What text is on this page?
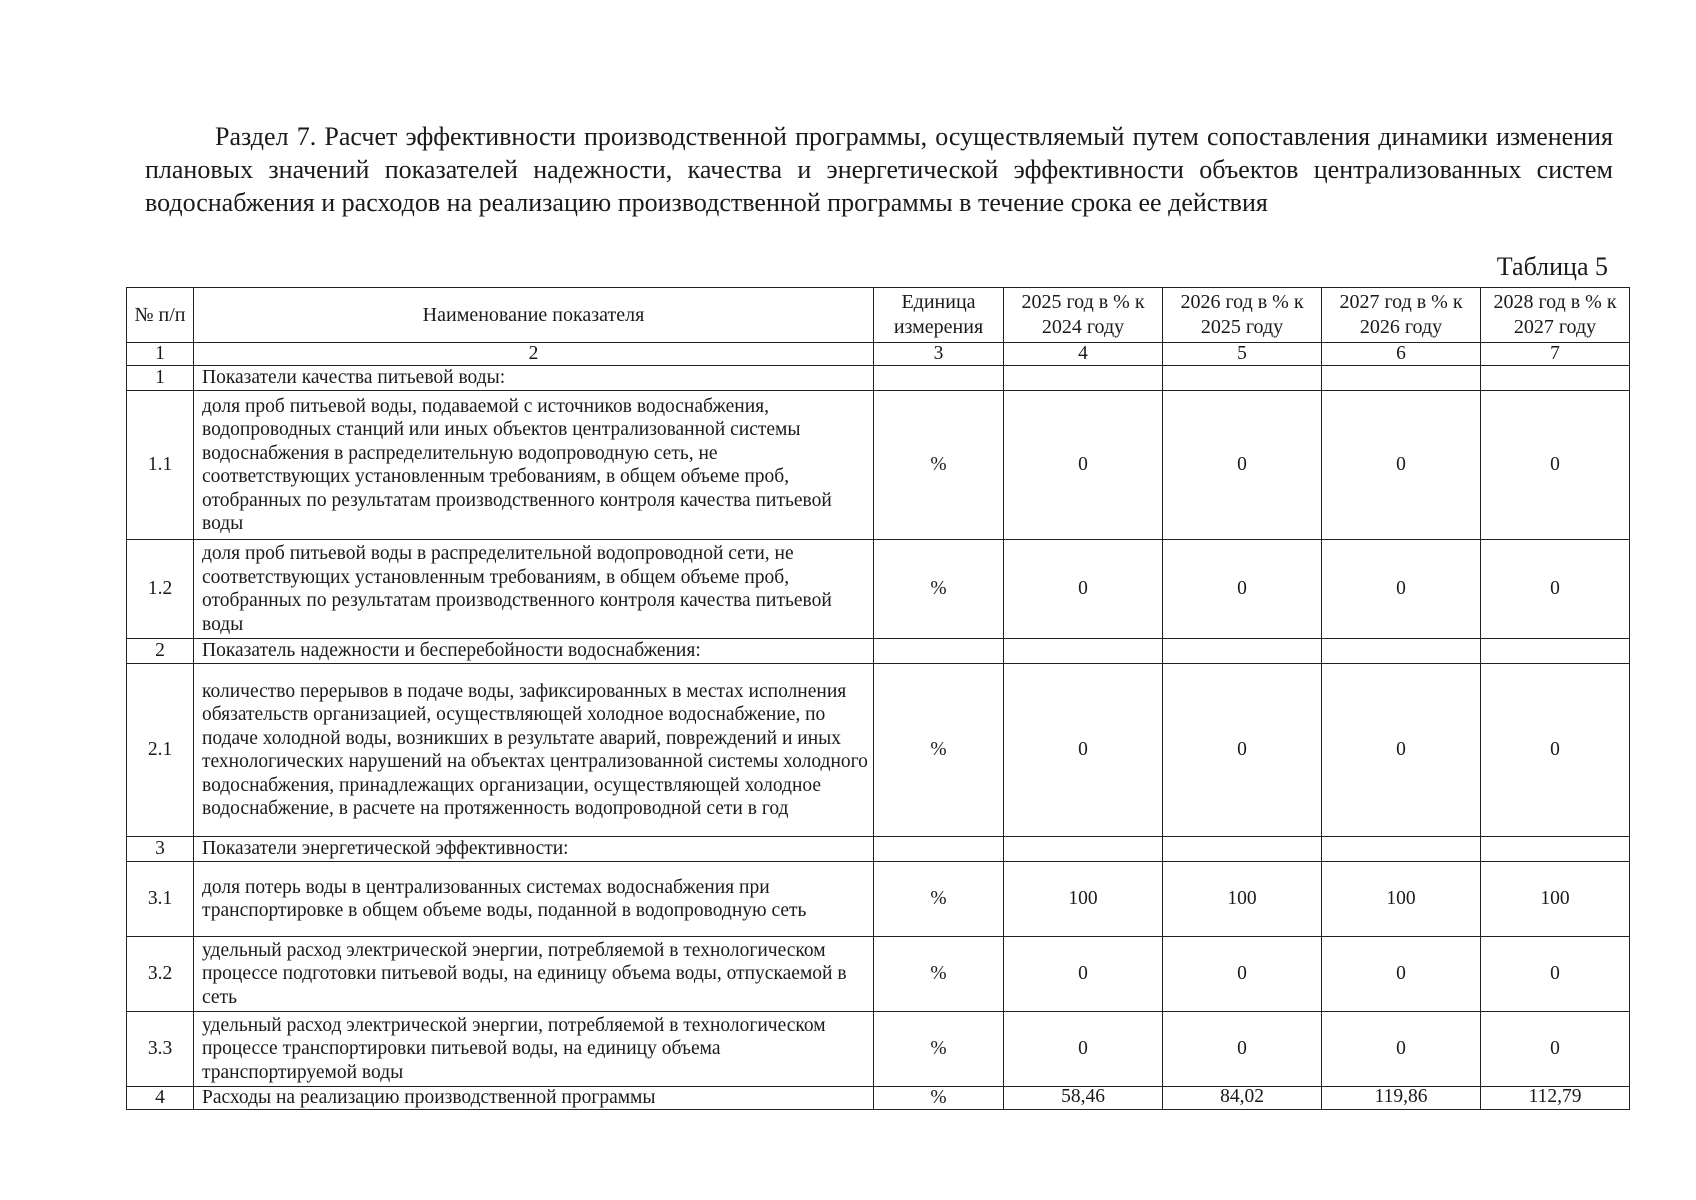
Раздел 7. Расчет эффективности производственной программы, осуществляемый путем сопоставления динамики изменения плановых значений показателей надежности, качества и энергетической эффективности объектов централизованных систем водоснабжения и расходов на реализацию производственной программы в течение срока ее действия

Таблица 5

№ п/п	Наименование показателя	Единица измерения	2025 год в % к 2024 году	2026 год в % к 2025 году	2027 год в % к 2026 году	2028 год в % к 2027 году
1	2	3	4	5	6	7
1	Показатели качества питьевой воды:					
1.1	доля проб питьевой воды, подаваемой с источников водоснабжения, водопроводных станций или иных объектов централизованной системы водоснабжения в распределительную водопроводную сеть, не соответствующих установленным требованиям, в общем объеме проб, отобранных по результатам производственного контроля качества питьевой воды	%	0	0	0	0
1.2	доля проб питьевой воды в распределительной водопроводной сети, не соответствующих установленным требованиям, в общем объеме проб, отобранных по результатам производственного контроля качества питьевой воды	%	0	0	0	0
2	Показатель надежности и бесперебойности водоснабжения:					
2.1	количество перерывов в подаче воды, зафиксированных в местах исполнения обязательств организацией, осуществляющей холодное водоснабжение, по подаче холодной воды, возникших в результате аварий, повреждений и иных технологических нарушений на объектах централизованной системы холодного водоснабжения, принадлежащих организации, осуществляющей холодное водоснабжение, в расчете на протяженность водопроводной сети в год	%	0	0	0	0
3	Показатели энергетической эффективности:					
3.1	доля потерь воды в централизованных системах водоснабжения при транспортировке в общем объеме воды, поданной в водопроводную сеть	%	100	100	100	100
3.2	удельный расход электрической энергии, потребляемой в технологическом процессе подготовки питьевой воды, на единицу объема воды, отпускаемой в сеть	%	0	0	0	0
3.3	удельный расход электрической энергии, потребляемой в технологическом процессе транспортировки питьевой воды, на единицу объема транспортируемой воды	%	0	0	0	0
4	Расходы на реализацию производственной программы	%	58,46	84,02	119,86	112,79
